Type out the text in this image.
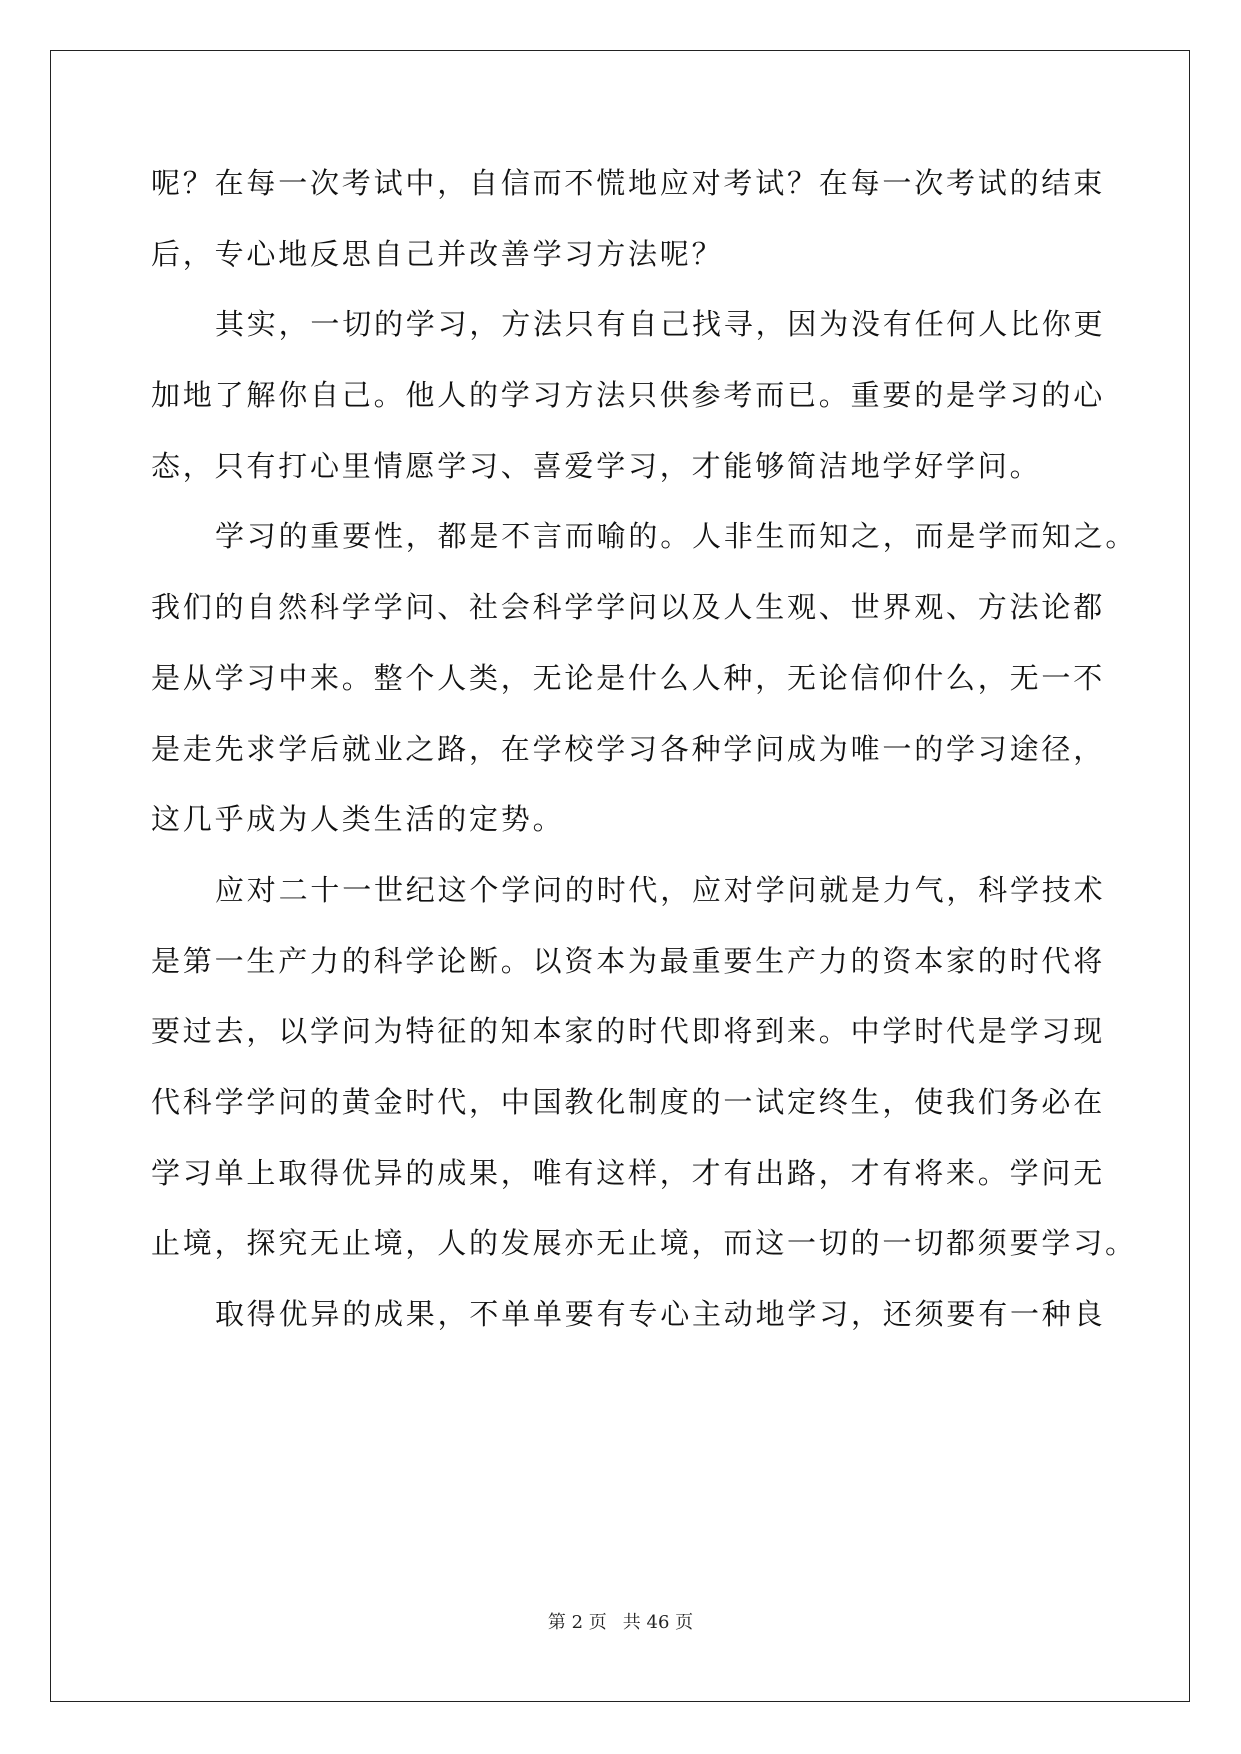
呢？在每一次考试中，自信而不慌地应对考试？在每一次考试的结束
后，专心地反思自己并改善学习方法呢？
其实，一切的学习，方法只有自己找寻，因为没有任何人比你更
加地了解你自己。他人的学习方法只供参考而已。重要的是学习的心
态，只有打心里情愿学习、喜爱学习，才能够简洁地学好学问。
学习的重要性，都是不言而喻的。人非生而知之，而是学而知之。
我们的自然科学学问、社会科学学问以及人生观、世界观、方法论都
是从学习中来。整个人类，无论是什么人种，无论信仰什么，无一不
是走先求学后就业之路，在学校学习各种学问成为唯一的学习途径，
这几乎成为人类生活的定势。
应对二十一世纪这个学问的时代，应对学问就是力气，科学技术
是第一生产力的科学论断。以资本为最重要生产力的资本家的时代将
要过去，以学问为特征的知本家的时代即将到来。中学时代是学习现
代科学学问的黄金时代，中国教化制度的一试定终生，使我们务必在
学习单上取得优异的成果，唯有这样，才有出路，才有将来。学问无
止境，探究无止境，人的发展亦无止境，而这一切的一切都须要学习。
取得优异的成果，不单单要有专心主动地学习，还须要有一种良
第 2 页 共 46 页
